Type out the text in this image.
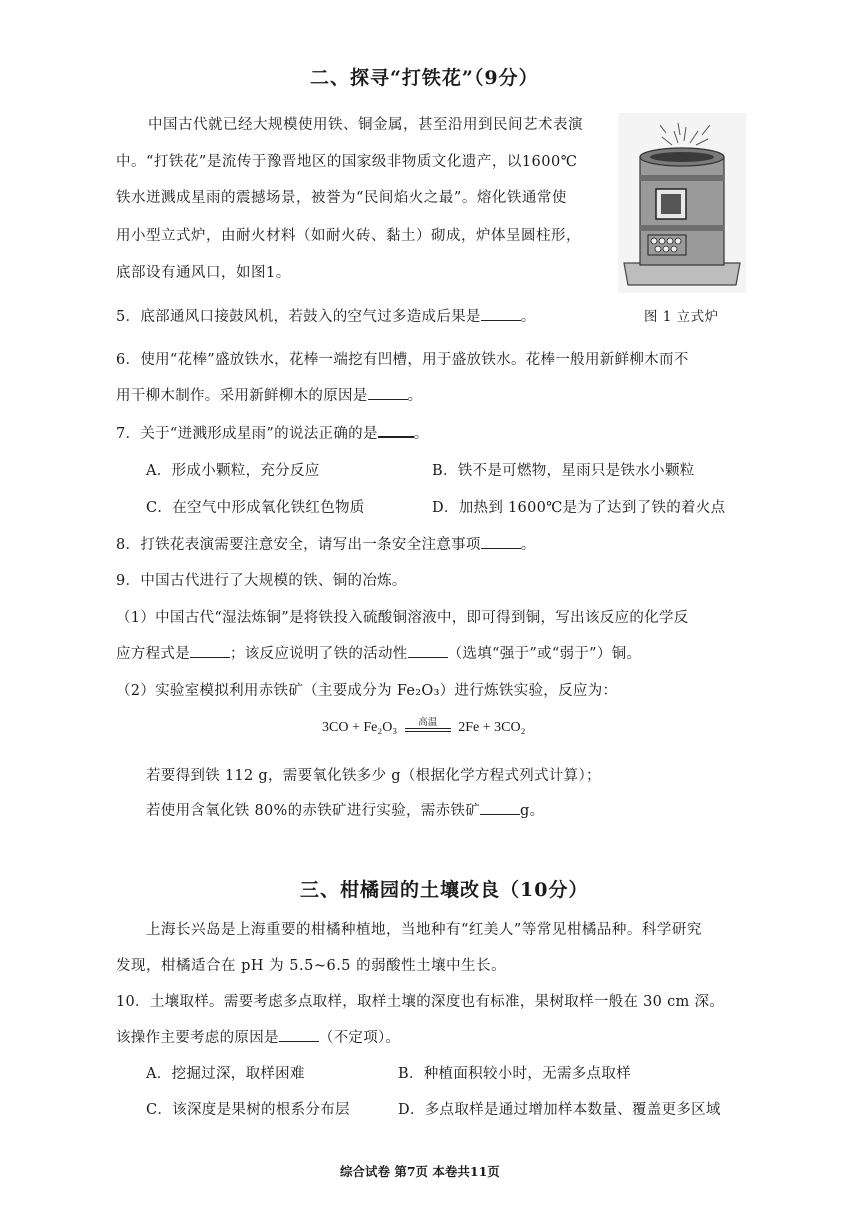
二、探寻“打铁花”（9分）
中国古代就已经大规模使用铁、铜金属，甚至沿用到民间艺术表演
中。“打铁花”是流传于豫晋地区的国家级非物质文化遗产，以1600℃
铁水迸溅成星雨的震撼场景，被誉为“民间焰火之最”。熔化铁通常使
用小型立式炉，由耐火材料（如耐火砖、黏土）砌成，炉体呈圆柱形，
底部设有通风口，如图1。
图 1 立式炉
5．底部通风口接鼓风机，若鼓入的空气过多造成后果是	。
6．使用“花棒”盛放铁水，花棒一端挖有凹槽，用于盛放铁水。花棒一般用新鲜柳木而不
用干柳木制作。采用新鲜柳木的原因是	。
7．关于“迸溅形成星雨”的说法正确的是 。
A．形成小颗粒，充分反应	B．铁不是可燃物，星雨只是铁水小颗粒
C．在空气中形成氧化铁红色物质	D．加热到 1600℃是为了达到了铁的着火点
8．打铁花表演需要注意安全，请写出一条安全注意事项	。
9．中国古代进行了大规模的铁、铜的冶炼。
（1）中国古代“湿法炼铜”是将铁投入硫酸铜溶液中，即可得到铜，写出该反应的化学反
应方程式是	；该反应说明了铁的活动性	（选填“强于”或“弱于”）铜。
（2）实验室模拟利用赤铁矿（主要成分为 Fe₂O₃）进行炼铁实验，反应为：
3CO + Fe₂O₃	高温	2Fe + 3CO₂
若要得到铁 112 g，需要氧化铁多少 g（根据化学方程式列式计算）；
若使用含氧化铁 80%的赤铁矿进行实验，需赤铁矿	g。
三、柑橘园的土壤改良（10分）
上海长兴岛是上海重要的柑橘种植地，当地种有“红美人”等常见柑橘品种。科学研究
发现，柑橘适合在 pH 为 5.5~6.5 的弱酸性土壤中生长。
10．土壤取样。需要考虑多点取样，取样土壤的深度也有标准，果树取样一般在 30 cm 深。
该操作主要考虑的原因是	（不定项）。
A．挖掘过深，取样困难	B．种植面积较小时，无需多点取样
C．该深度是果树的根系分布层	D．多点取样是通过增加样本数量、覆盖更多区域
综合试卷 第7页 本卷共11页
